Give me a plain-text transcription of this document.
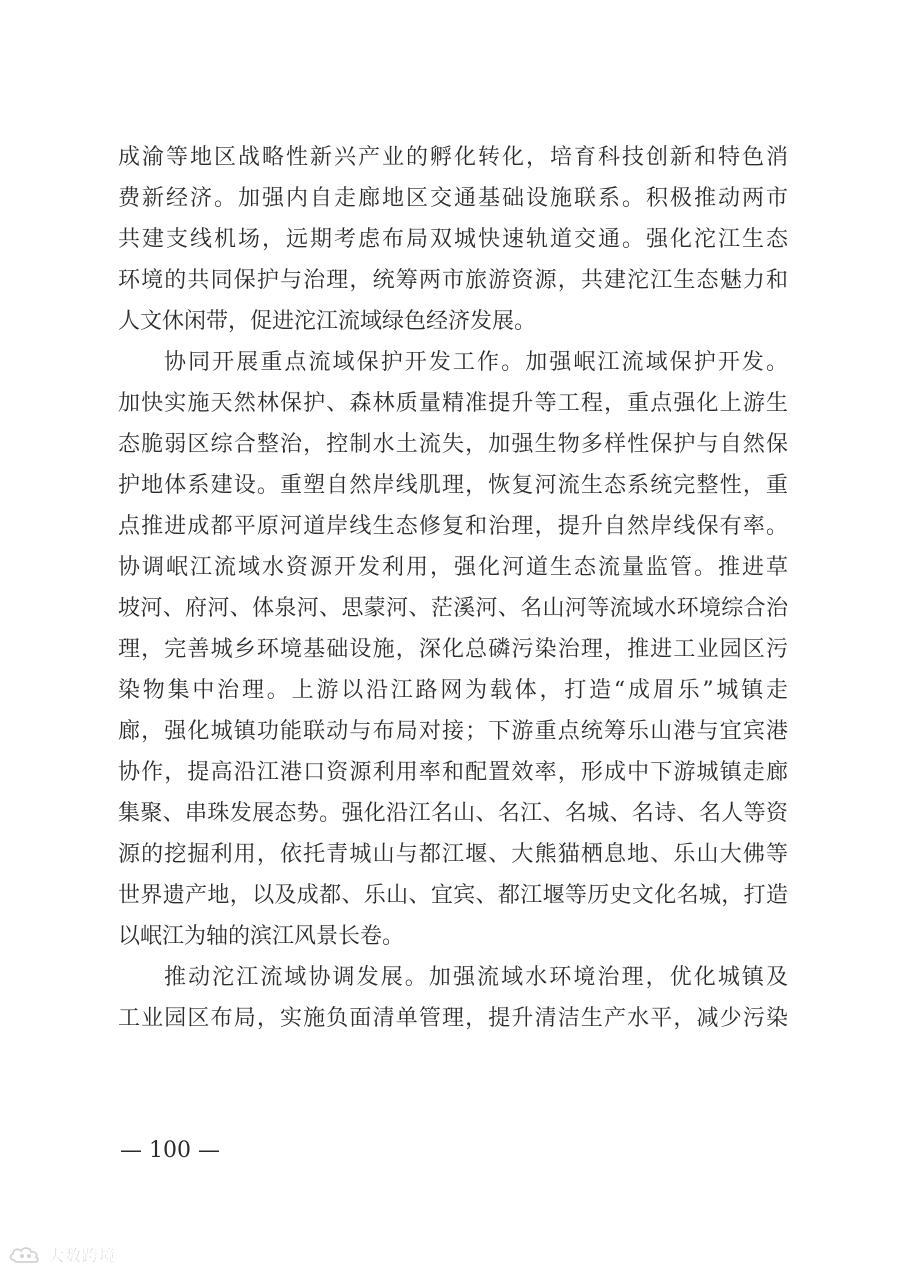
成渝等地区战略性新兴产业的孵化转化，培育科技创新和特色消
费新经济。加强内自走廊地区交通基础设施联系。积极推动两市
共建支线机场，远期考虑布局双城快速轨道交通。强化沱江生态
环境的共同保护与治理，统筹两市旅游资源，共建沱江生态魅力和
人文休闲带，促进沱江流域绿色经济发展。
协同开展重点流域保护开发工作。加强岷江流域保护开发。
加快实施天然林保护、森林质量精准提升等工程，重点强化上游生
态脆弱区综合整治，控制水土流失，加强生物多样性保护与自然保
护地体系建设。重塑自然岸线肌理，恢复河流生态系统完整性，重
点推进成都平原河道岸线生态修复和治理，提升自然岸线保有率。
协调岷江流域水资源开发利用，强化河道生态流量监管。推进草
坡河、府河、体泉河、思蒙河、茫溪河、名山河等流域水环境综合治
理，完善城乡环境基础设施，深化总磷污染治理，推进工业园区污
染物集中治理。上游以沿江路网为载体，打造“成眉乐”城镇走
廊，强化城镇功能联动与布局对接；下游重点统筹乐山港与宜宾港
协作，提高沿江港口资源利用率和配置效率，形成中下游城镇走廊
集聚、串珠发展态势。强化沿江名山、名江、名城、名诗、名人等资
源的挖掘利用，依托青城山与都江堰、大熊猫栖息地、乐山大佛等
世界遗产地，以及成都、乐山、宜宾、都江堰等历史文化名城，打造
以岷江为轴的滨江风景长卷。
推动沱江流域协调发展。加强流域水环境治理，优化城镇及
工业园区布局，实施负面清单管理，提升清洁生产水平，减少污染
— 100 —
大数跨境
